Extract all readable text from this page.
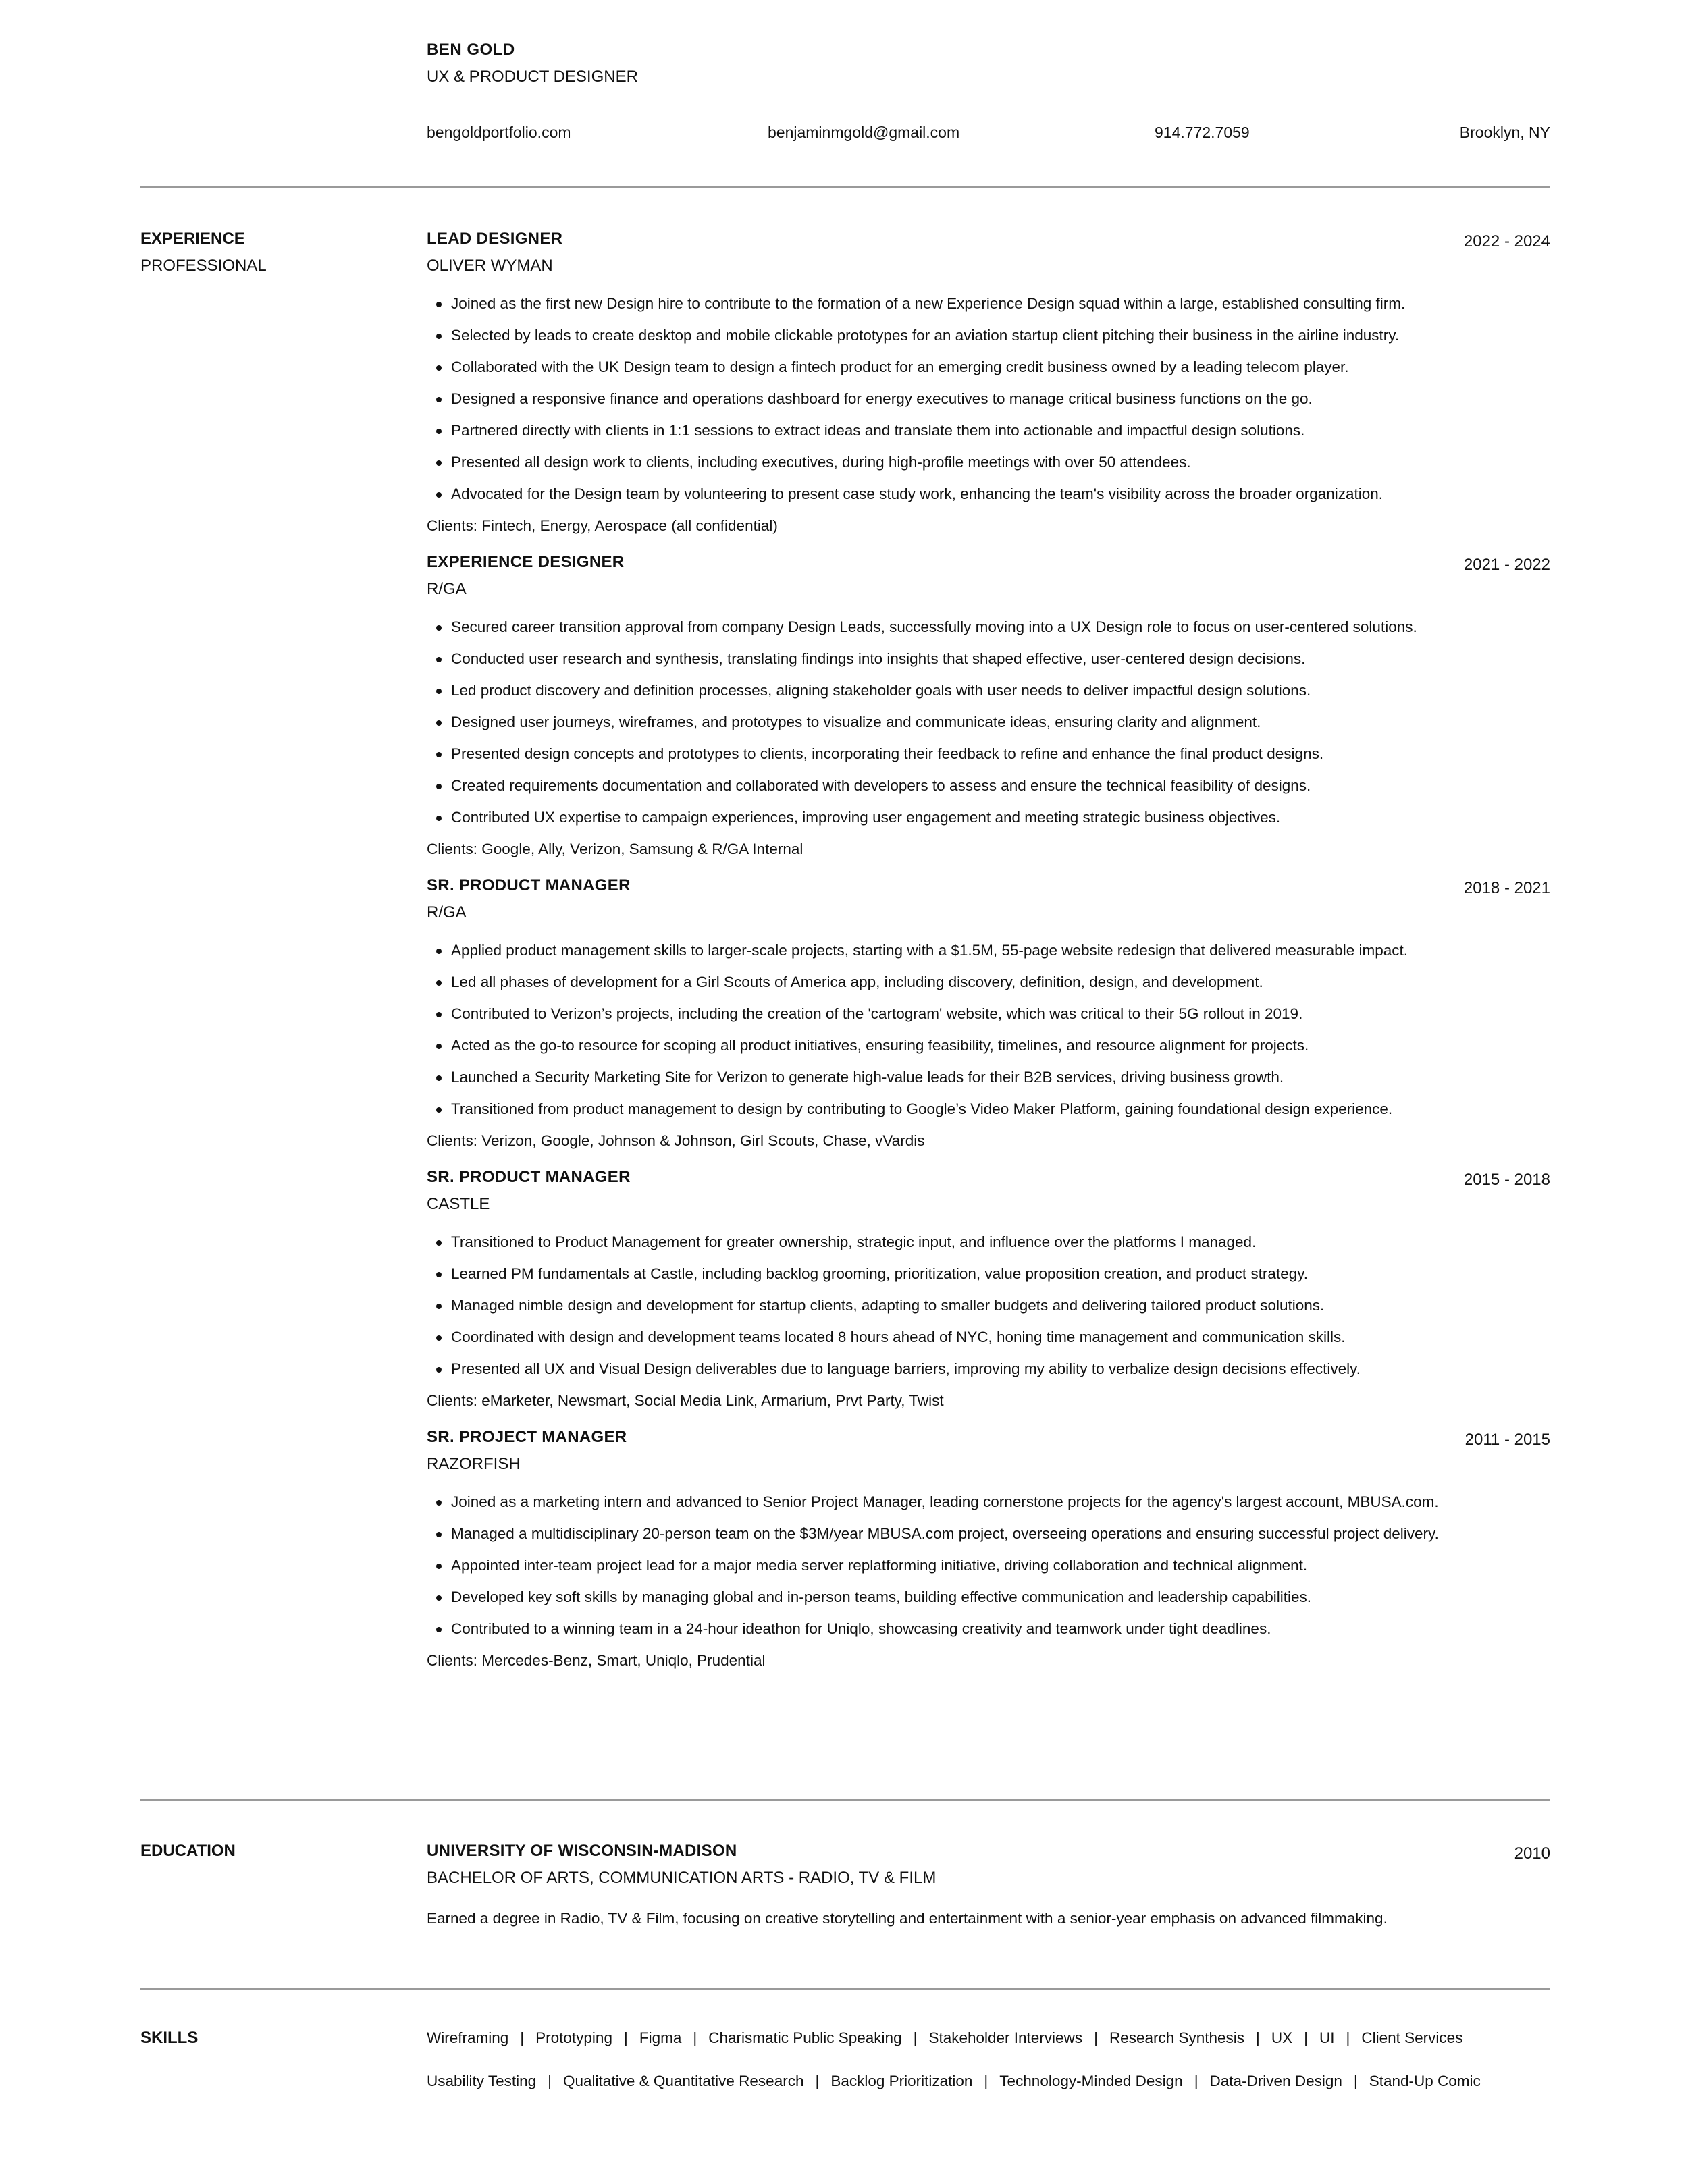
BEN GOLD
UX & PRODUCT DESIGNER
bengoldportfolio.com	benjaminmgold@gmail.com	914.772.7059	Brooklyn, NY
EXPERIENCE
PROFESSIONAL
LEAD DESIGNER	2022 - 2024
OLIVER WYMAN
Joined as the first new Design hire to contribute to the formation of a new Experience Design squad within a large, established consulting firm.
Selected by leads to create desktop and mobile clickable prototypes for an aviation startup client pitching their business in the airline industry.
Collaborated with the UK Design team to design a fintech product for an emerging credit business owned by a leading telecom player.
Designed a responsive finance and operations dashboard for energy executives to manage critical business functions on the go.
Partnered directly with clients in 1:1 sessions to extract ideas and translate them into actionable and impactful design solutions.
Presented all design work to clients, including executives, during high-profile meetings with over 50 attendees.
Advocated for the Design team by volunteering to present case study work, enhancing the team's visibility across the broader organization.
Clients: Fintech, Energy, Aerospace (all confidential)
EXPERIENCE DESIGNER	2021 - 2022
R/GA
Secured career transition approval from company Design Leads, successfully moving into a UX Design role to focus on user-centered solutions.
Conducted user research and synthesis, translating findings into insights that shaped effective, user-centered design decisions.
Led product discovery and definition processes, aligning stakeholder goals with user needs to deliver impactful design solutions.
Designed user journeys, wireframes, and prototypes to visualize and communicate ideas, ensuring clarity and alignment.
Presented design concepts and prototypes to clients, incorporating their feedback to refine and enhance the final product designs.
Created requirements documentation and collaborated with developers to assess and ensure the technical feasibility of designs.
Contributed UX expertise to campaign experiences, improving user engagement and meeting strategic business objectives.
Clients: Google, Ally, Verizon, Samsung & R/GA Internal
SR. PRODUCT MANAGER	2018 - 2021
R/GA
Applied product management skills to larger-scale projects, starting with a $1.5M, 55-page website redesign that delivered measurable impact.
Led all phases of development for a Girl Scouts of America app, including discovery, definition, design, and development.
Contributed to Verizon’s projects, including the creation of the 'cartogram' website, which was critical to their 5G rollout in 2019.
Acted as the go-to resource for scoping all product initiatives, ensuring feasibility, timelines, and resource alignment for projects.
Launched a Security Marketing Site for Verizon to generate high-value leads for their B2B services, driving business growth.
Transitioned from product management to design by contributing to Google’s Video Maker Platform, gaining foundational design experience.
Clients: Verizon, Google, Johnson & Johnson, Girl Scouts, Chase, vVardis
SR. PRODUCT MANAGER	2015 - 2018
CASTLE
Transitioned to Product Management for greater ownership, strategic input, and influence over the platforms I managed.
Learned PM fundamentals at Castle, including backlog grooming, prioritization, value proposition creation, and product strategy.
Managed nimble design and development for startup clients, adapting to smaller budgets and delivering tailored product solutions.
Coordinated with design and development teams located 8 hours ahead of NYC, honing time management and communication skills.
Presented all UX and Visual Design deliverables due to language barriers, improving my ability to verbalize design decisions effectively.
Clients: eMarketer, Newsmart, Social Media Link, Armarium, Prvt Party, Twist
SR. PROJECT MANAGER	2011 - 2015
RAZORFISH
Joined as a marketing intern and advanced to Senior Project Manager, leading cornerstone projects for the agency's largest account, MBUSA.com.
Managed a multidisciplinary 20-person team on the $3M/year MBUSA.com project, overseeing operations and ensuring successful project delivery.
Appointed inter-team project lead for a major media server replatforming initiative, driving collaboration and technical alignment.
Developed key soft skills by managing global and in-person teams, building effective communication and leadership capabilities.
Contributed to a winning team in a 24-hour ideathon for Uniqlo, showcasing creativity and teamwork under tight deadlines.
Clients: Mercedes-Benz, Smart, Uniqlo, Prudential
EDUCATION	UNIVERSITY OF WISCONSIN-MADISON	2010
BACHELOR OF ARTS, COMMUNICATION ARTS - RADIO, TV & FILM
Earned a degree in Radio, TV & Film, focusing on creative storytelling and entertainment with a senior-year emphasis on advanced filmmaking.
SKILLS	Wireframing | Prototyping | Figma | Charismatic Public Speaking | Stakeholder Interviews | Research Synthesis | UX | UI | Client Services
Usability Testing | Qualitative & Quantitative Research | Backlog Prioritization | Technology-Minded Design | Data-Driven Design | Stand-Up Comic
